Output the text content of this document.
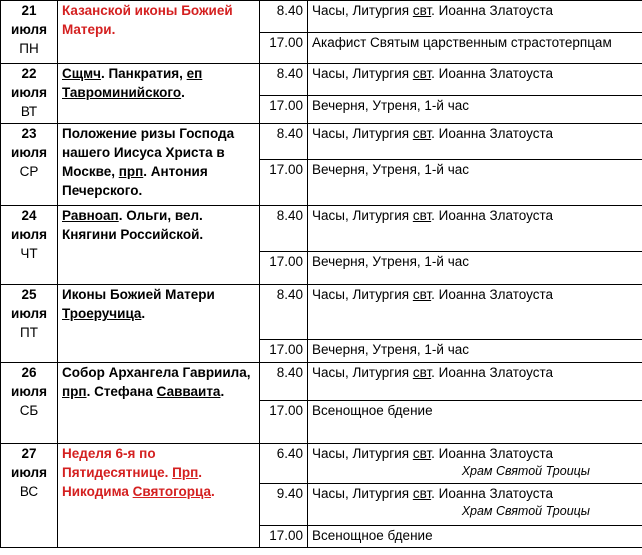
21
июля
ПН	Казанской иконы Божией Матери.	8.40	Часы, Литургия свт. Иоанна Златоуста
		17.00	Акафист Святым царственным страстотерпцам

22
июля
ВТ	Сщмч. Панкратия, еп Тавроминийского.	8.40	Часы, Литургия свт. Иоанна Златоуста
		17.00	Вечерня, Утреня, 1-й час

23
июля
СР	Положение ризы Господа нашего Иисуса Христа в Москве, прп. Антония Печерского.	8.40	Часы, Литургия свт. Иоанна Златоуста
		17.00	Вечерня, Утреня, 1-й час

24
июля
ЧТ	Равноап. Ольги, вел. Княгини Российской.	8.40	Часы, Литургия свт. Иоанна Златоуста
		17.00	Вечерня, Утреня, 1-й час

25
июля
ПТ	Иконы Божией Матери Троеручица.	8.40	Часы, Литургия свт. Иоанна Златоуста
		17.00	Вечерня, Утреня, 1-й час

26
июля
СБ	Собор Архангела Гавриила, прп. Стефана Савваита.	8.40	Часы, Литургия свт. Иоанна Златоуста
		17.00	Всенощное бдение

27
июля
ВС	Неделя 6-я по Пятидесятнице. Прп. Никодима Святогорца.	6.40	Часы, Литургия свт. Иоанна Златоуста
Храм Святой Троицы

		9.40	Часы, Литургия свт. Иоанна Златоуста
Храм Святой Троицы

		17.00	Всенощное бдение
